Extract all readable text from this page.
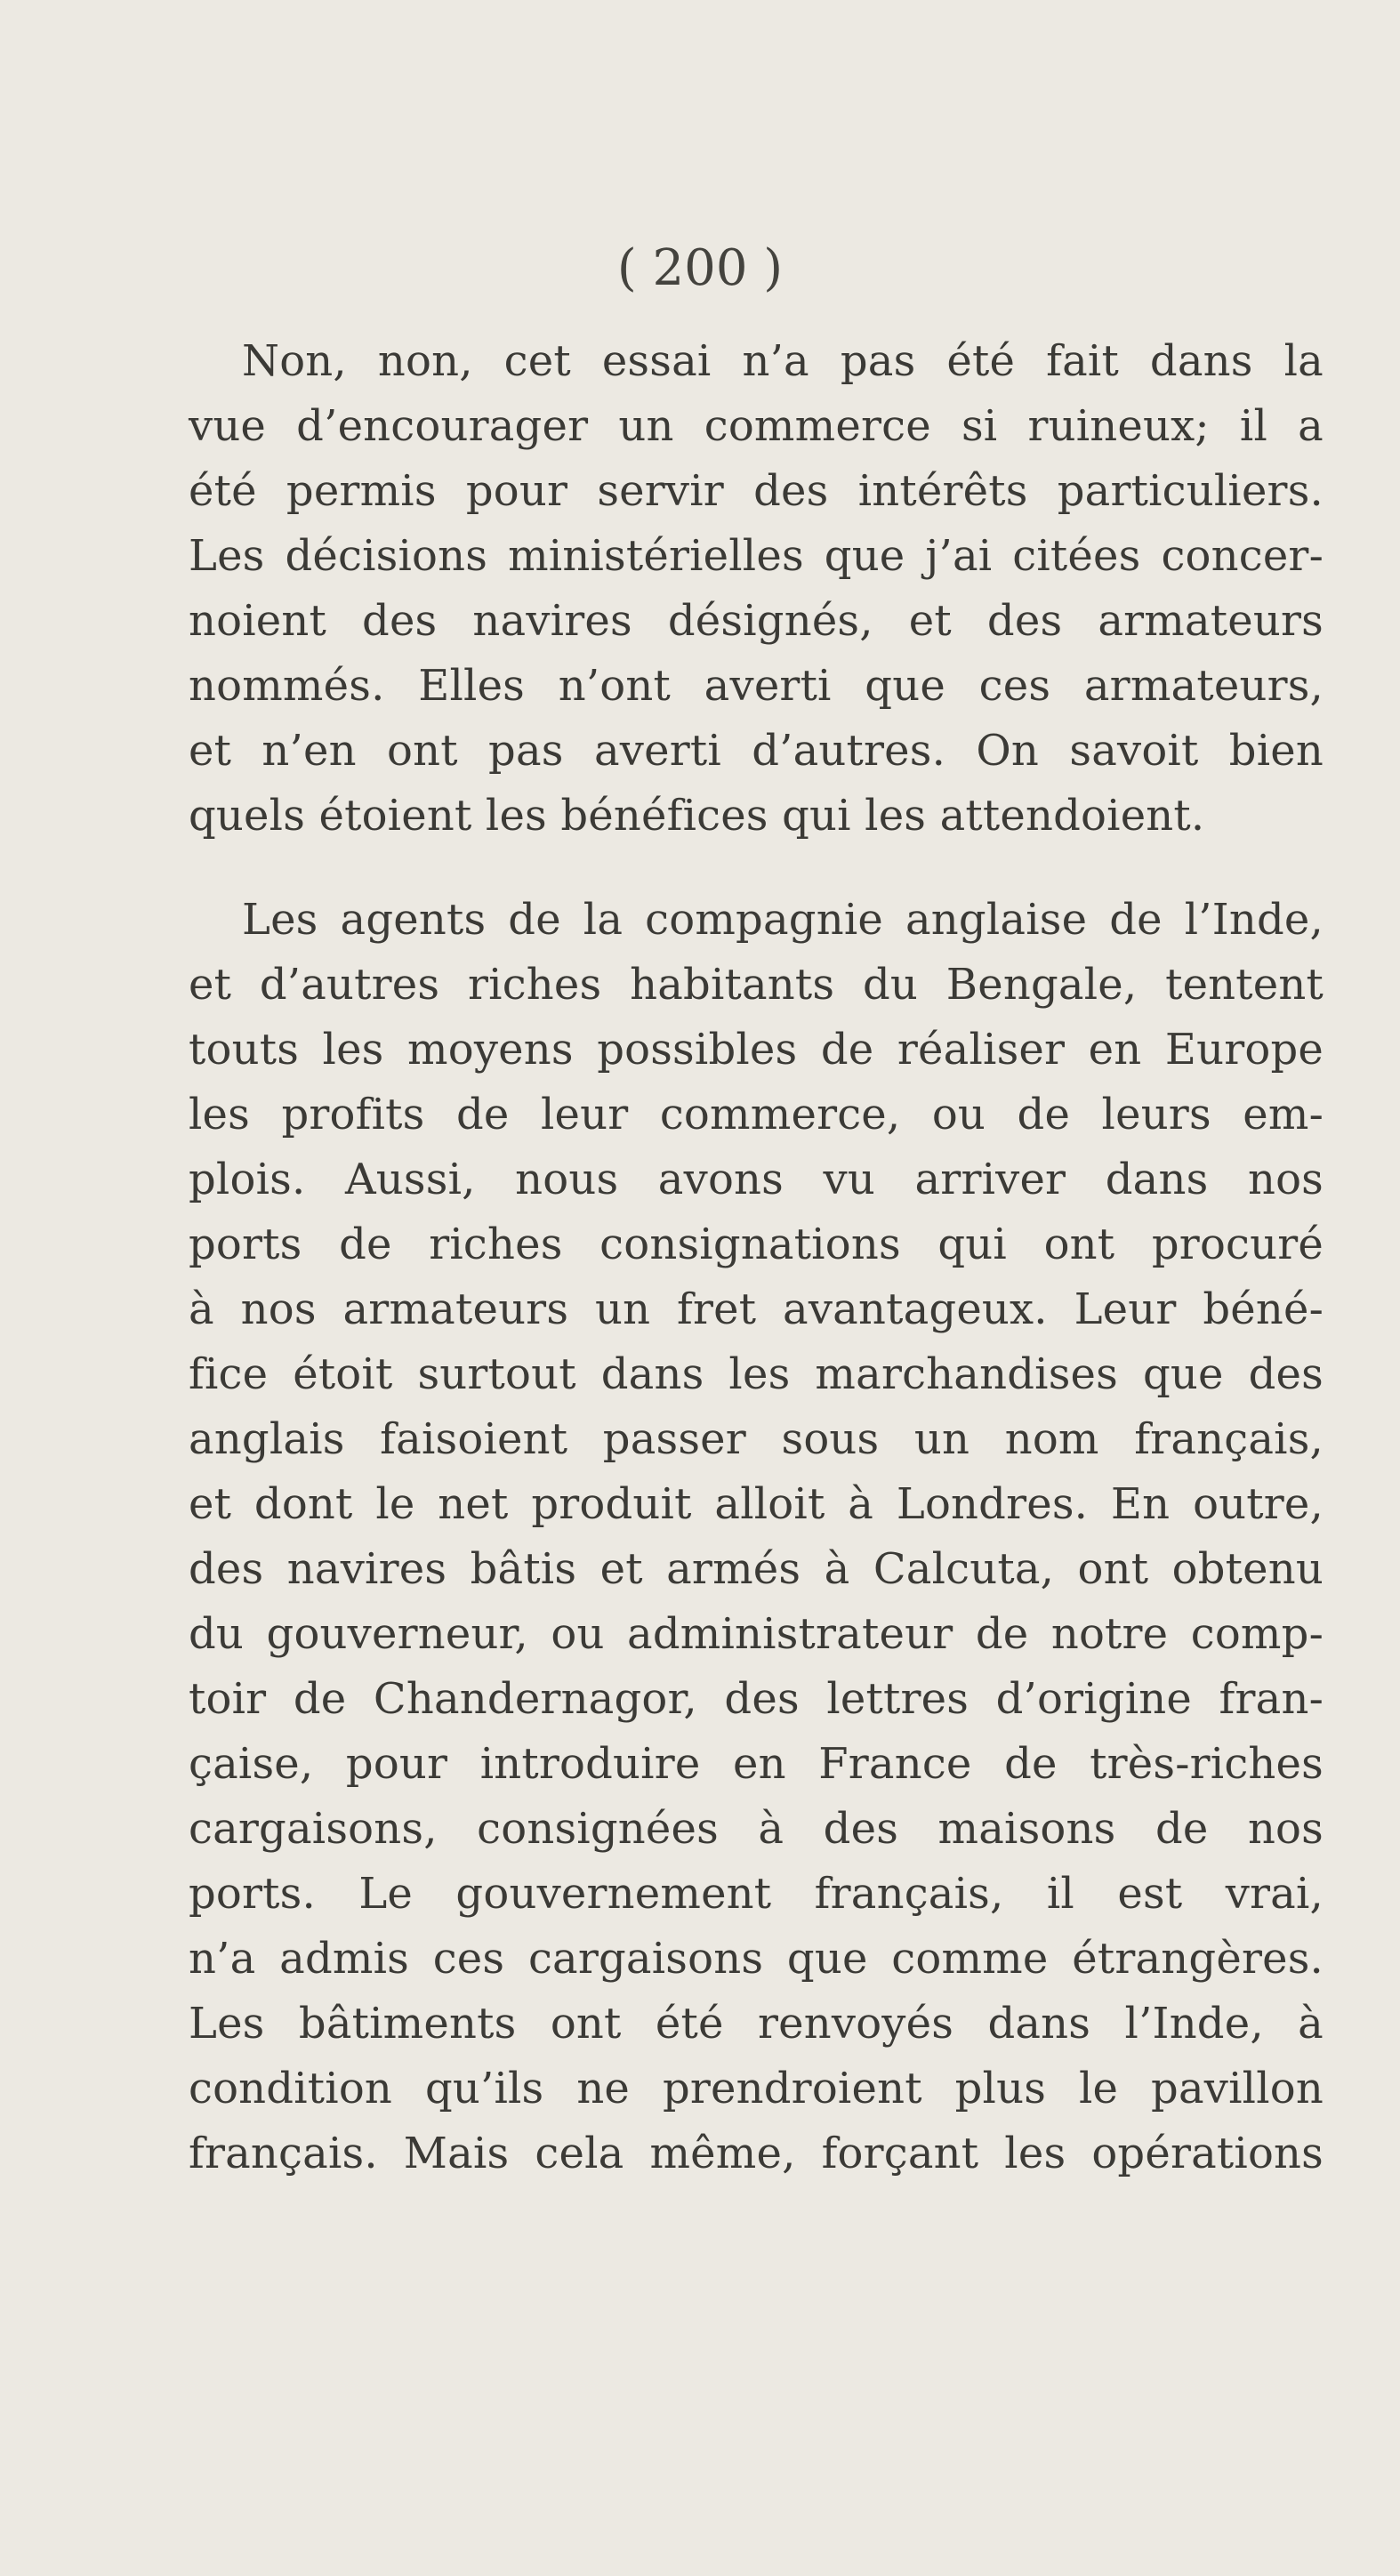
( 200 )
Non, non, cet essai n’a pas été fait dans la
vue d’encourager un commerce si ruineux; il a
été permis pour servir des intérêts particuliers.
Les décisions ministérielles que j’ai citées concer-
noient des navires désignés, et des armateurs
nommés. Elles n’ont averti que ces armateurs,
et n’en ont pas averti d’autres. On savoit bien
quels étoient les bénéfices qui les attendoient.
Les agents de la compagnie anglaise de l’Inde,
et d’autres riches habitants du Bengale, tentent
touts les moyens possibles de réaliser en Europe
les profits de leur commerce, ou de leurs em-
plois. Aussi, nous avons vu arriver dans nos
ports de riches consignations qui ont procuré
à nos armateurs un fret avantageux. Leur béné-
fice étoit surtout dans les marchandises que des
anglais faisoient passer sous un nom français,
et dont le net produit alloit à Londres. En outre,
des navires bâtis et armés à Calcuta, ont obtenu
du gouverneur, ou administrateur de notre comp-
toir de Chandernagor, des lettres d’origine fran-
çaise, pour introduire en France de très-riches
cargaisons, consignées à des maisons de nos
ports. Le gouvernement français, il est vrai,
n’a admis ces cargaisons que comme étrangères.
Les bâtiments ont été renvoyés dans l’Inde, à
condition qu’ils ne prendroient plus le pavillon
français. Mais cela même, forçant les opérations
